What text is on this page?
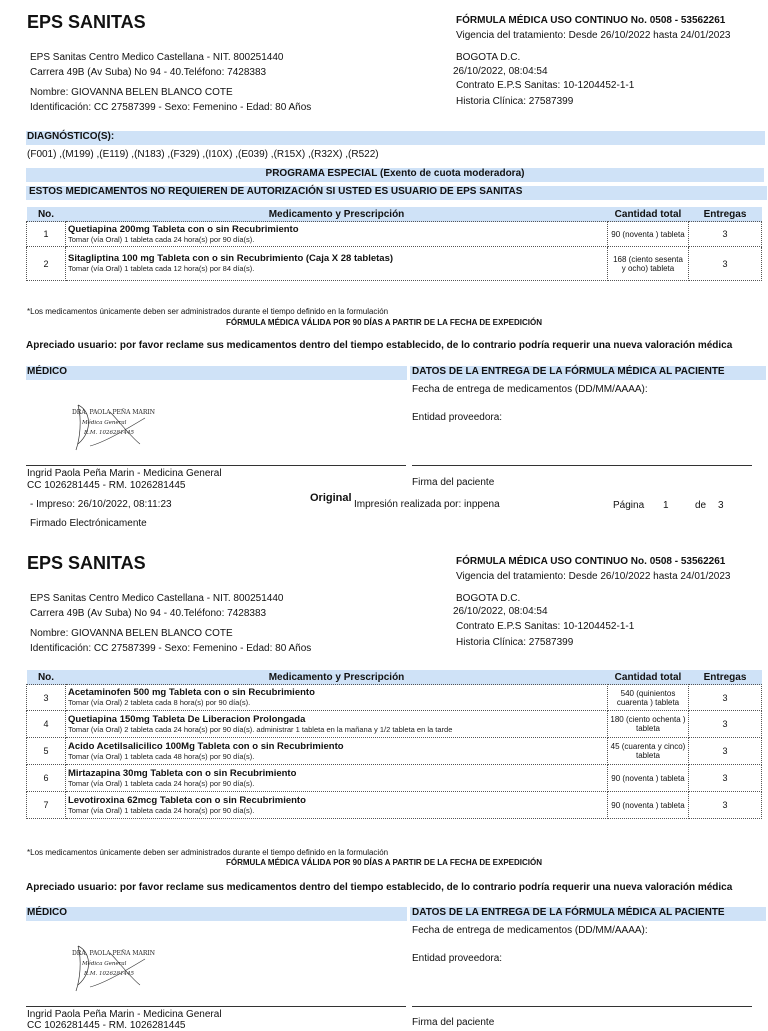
EPS SANITAS	FÓRMULA MÉDICA USO CONTINUO No. 0508 - 53562261
Vigencia del tratamiento: Desde 26/10/2022 hasta 24/01/2023
EPS Sanitas Centro Medico Castellana - NIT. 800251440
Carrera 49B (Av Suba) No 94 - 40.Teléfono: 7428383
BOGOTA D.C.
26/10/2022, 08:04:54
Nombre: GIOVANNA BELEN BLANCO COTE
Contrato E.P.S Sanitas: 10-1204452-1-1
Identificación: CC 27587399 - Sexo: Femenino - Edad: 80 Años
Historia Clínica: 27587399
DIAGNÓSTICO(S):
(F001) ,(M199) ,(E119) ,(N183) ,(F329) ,(I10X) ,(E039) ,(R15X) ,(R32X) ,(R522)
PROGRAMA ESPECIAL (Exento de cuota moderadora)
ESTOS MEDICAMENTOS NO REQUIEREN DE AUTORIZACIÓN SI USTED ES USUARIO DE EPS SANITAS
No.	Medicamento y Prescripción	Cantidad total	Entregas
1	Quetiapina 200mg Tableta con o sin Recubrimiento
Tomar (vía Oral) 1 tableta cada 24 hora(s) por 90 día(s).	90 (noventa ) tableta	3
2	Sitagliptina 100 mg Tableta con o sin Recubrimiento (Caja X 28 tabletas)
Tomar (vía Oral) 1 tableta cada 12 hora(s) por 84 día(s).	168 (ciento sesenta y ocho) tableta	3
*Los medicamentos únicamente deben ser administrados durante el tiempo definido en la formulación
FÓRMULA MÉDICA VÁLIDA POR 90 DÍAS A PARTIR DE LA FECHA DE EXPEDICIÓN
Apreciado usuario: por favor reclame sus medicamentos dentro del tiempo establecido, de lo contrario podría requerir una nueva valoración médica
MÉDICO	DATOS DE LA ENTREGA DE LA FÓRMULA MÉDICA AL PACIENTE
Fecha de entrega de medicamentos (DD/MM/AAAA):
Entidad proveedora:
DRA. PAOLA PEÑA MARIN
Médica General
R.M. 1026281445
Ingrid Paola Peña Marin - Medicina General
CC 1026281445 - RM. 1026281445	Firma del paciente
- Impreso: 26/10/2022, 08:11:23
Original
Impresión realizada por: inppena	Página 1	de 3
Firmado Electrónicamente
EPS SANITAS	FÓRMULA MÉDICA USO CONTINUO No. 0508 - 53562261
Vigencia del tratamiento: Desde 26/10/2022 hasta 24/01/2023
EPS Sanitas Centro Medico Castellana - NIT. 800251440
Carrera 49B (Av Suba) No 94 - 40.Teléfono: 7428383
BOGOTA D.C.
26/10/2022, 08:04:54
Nombre: GIOVANNA BELEN BLANCO COTE
Contrato E.P.S Sanitas: 10-1204452-1-1
Identificación: CC 27587399 - Sexo: Femenino - Edad: 80 Años
Historia Clínica: 27587399
No.	Medicamento y Prescripción	Cantidad total	Entregas
3	Acetaminofen 500 mg Tableta con o sin Recubrimiento
Tomar (vía Oral) 2 tableta cada 8 hora(s) por 90 día(s).	540 (quinientos cuarenta ) tableta	3
4	Quetiapina 150mg Tableta De Liberacion Prolongada
Tomar (vía Oral) 2 tableta cada 24 hora(s) por 90 día(s). administrar 1 tableta en la mañana y 1/2 tableta en la tarde	180 (ciento ochenta ) tableta	3
5	Acido Acetilsalicilico 100Mg Tableta con o sin Recubrimiento
Tomar (vía Oral) 1 tableta cada 48 hora(s) por 90 día(s).	45 (cuarenta y cinco) tableta	3
6	Mirtazapina 30mg Tableta con o sin Recubrimiento
Tomar (vía Oral) 1 tableta cada 24 hora(s) por 90 día(s).	90 (noventa ) tableta	3
7	Levotiroxina 62mcg Tableta con o sin Recubrimiento
Tomar (vía Oral) 1 tableta cada 24 hora(s) por 90 día(s).	90 (noventa ) tableta	3
*Los medicamentos únicamente deben ser administrados durante el tiempo definido en la formulación
FÓRMULA MÉDICA VÁLIDA POR 90 DÍAS A PARTIR DE LA FECHA DE EXPEDICIÓN
Apreciado usuario: por favor reclame sus medicamentos dentro del tiempo establecido, de lo contrario podría requerir una nueva valoración médica
MÉDICO	DATOS DE LA ENTREGA DE LA FÓRMULA MÉDICA AL PACIENTE
Fecha de entrega de medicamentos (DD/MM/AAAA):
Entidad proveedora:
DRA. PAOLA PEÑA MARIN
Médica General
R.M. 1026281445
Ingrid Paola Peña Marin - Medicina General
CC 1026281445 - RM. 1026281445	Firma del paciente
